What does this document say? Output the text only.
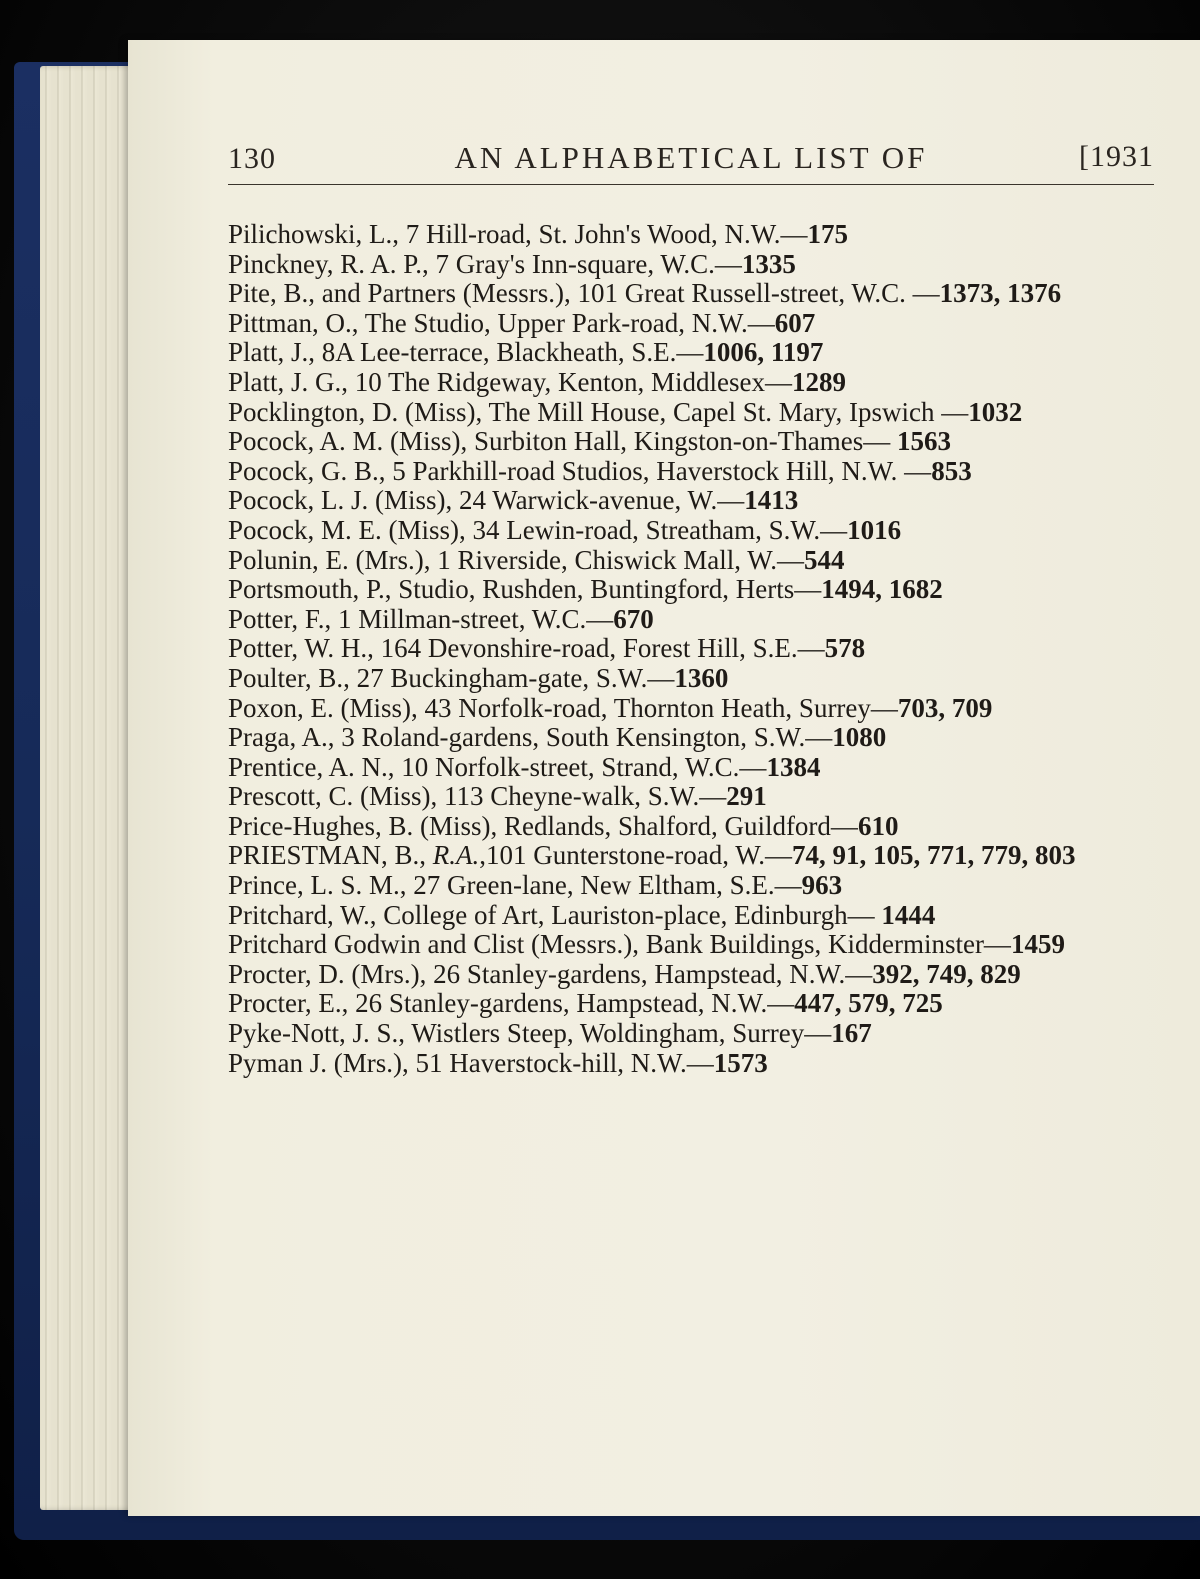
130	AN ALPHABETICAL LIST OF	[1931
Pilichowski, L., 7 Hill-road, St. John's Wood, N.W.—175
Pinckney, R. A. P., 7 Gray's Inn-square, W.C.—1335
Pite, B., and Partners (Messrs.), 101 Great Russell-street, W.C. —1373, 1376
Pittman, O., The Studio, Upper Park-road, N.W.—607
Platt, J., 8A Lee-terrace, Blackheath, S.E.—1006, 1197
Platt, J. G., 10 The Ridgeway, Kenton, Middlesex—1289
Pocklington, D. (Miss), The Mill House, Capel St. Mary, Ipswich —1032
Pocock, A. M. (Miss), Surbiton Hall, Kingston-on-Thames— 1563
Pocock, G. B., 5 Parkhill-road Studios, Haverstock Hill, N.W. —853
Pocock, L. J. (Miss), 24 Warwick-avenue, W.—1413
Pocock, M. E. (Miss), 34 Lewin-road, Streatham, S.W.—1016
Polunin, E. (Mrs.), 1 Riverside, Chiswick Mall, W.—544
Portsmouth, P., Studio, Rushden, Buntingford, Herts—1494, 1682
Potter, F., 1 Millman-street, W.C.—670
Potter, W. H., 164 Devonshire-road, Forest Hill, S.E.—578
Poulter, B., 27 Buckingham-gate, S.W.—1360
Poxon, E. (Miss), 43 Norfolk-road, Thornton Heath, Surrey—703, 709
Praga, A., 3 Roland-gardens, South Kensington, S.W.—1080
Prentice, A. N., 10 Norfolk-street, Strand, W.C.—1384
Prescott, C. (Miss), 113 Cheyne-walk, S.W.—291
Price-Hughes, B. (Miss), Redlands, Shalford, Guildford—610
PRIESTMAN, B., R.A.,101 Gunterstone-road, W.—74, 91, 105, 771, 779, 803
Prince, L. S. M., 27 Green-lane, New Eltham, S.E.—963
Pritchard, W., College of Art, Lauriston-place, Edinburgh— 1444
Pritchard Godwin and Clist (Messrs.), Bank Buildings, Kidderminster—1459
Procter, D. (Mrs.), 26 Stanley-gardens, Hampstead, N.W.—392, 749, 829
Procter, E., 26 Stanley-gardens, Hampstead, N.W.—447, 579, 725
Pyke-Nott, J. S., Wistlers Steep, Woldingham, Surrey—167
Pyman J. (Mrs.), 51 Haverstock-hill, N.W.—1573
